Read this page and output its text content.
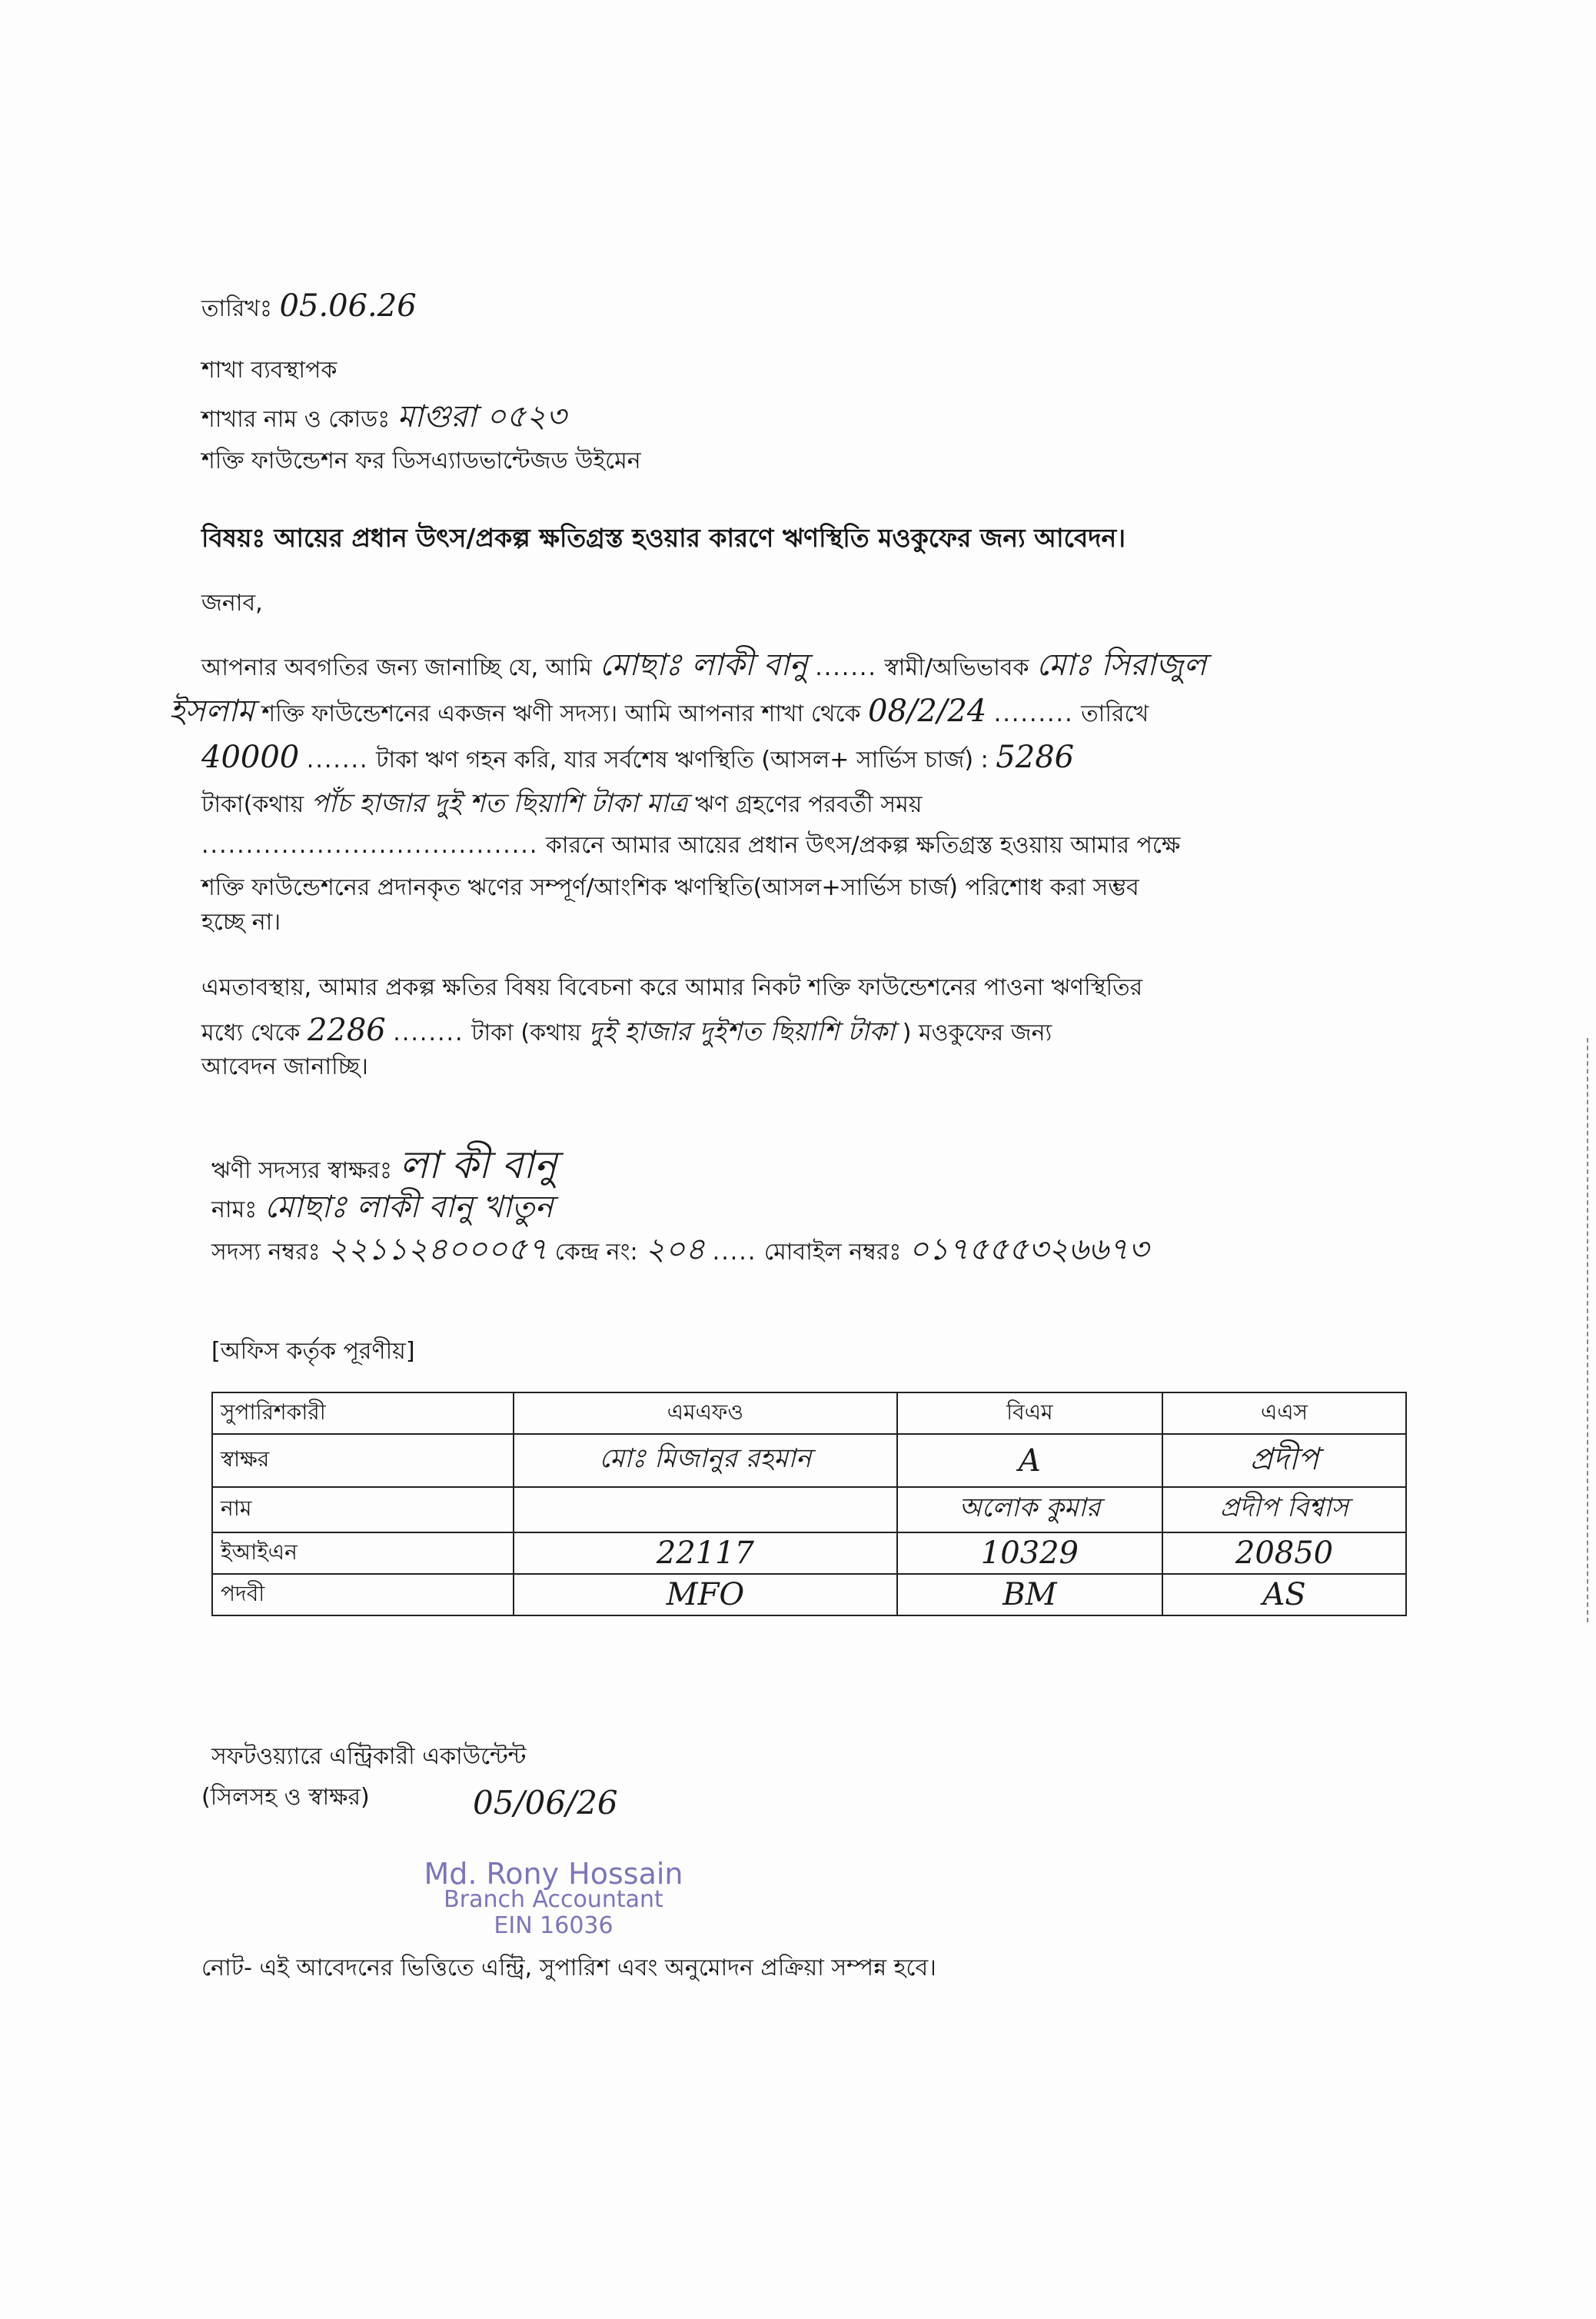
তারিখঃ 05.06.26
শাখা ব্যবস্থাপক
শাখার নাম ও কোডঃ মাগুরা ০৫২৩
শক্তি ফাউন্ডেশন ফর ডিসএ্যাডভান্টেজড উইমেন
বিষয়ঃ আয়ের প্রধান উৎস/প্রকল্প ক্ষতিগ্রস্ত হওয়ার কারণে ঋণস্থিতি মওকুফের জন্য আবেদন।
জনাব,
আপনার অবগতির জন্য জানাচ্ছি যে, আমি মোছাঃ লাকী বানু ....... স্বামী/অভিভাবক মোঃ সিরাজুল
ইসলাম শক্তি ফাউন্ডেশনের একজন ঋণী সদস্য। আমি আপনার শাখা থেকে 08/2/24 ......... তারিখে
40000 ....... টাকা ঋণ গহন করি, যার সর্বশেষ ঋণস্থিতি (আসল+ সার্ভিস চার্জ) : 5286
টাকা(কথায় পাঁচ হাজার দুই শত ছিয়াশি টাকা মাত্র ঋণ গ্রহণের পরবর্তী সময়
...................................... কারনে আমার আয়ের প্রধান উৎস/প্রকল্প ক্ষতিগ্রস্ত হওয়ায় আমার পক্ষে
শক্তি ফাউন্ডেশনের প্রদানকৃত ঋণের সম্পূর্ণ/আংশিক ঋণস্থিতি(আসল+সার্ভিস চার্জ) পরিশোধ করা সম্ভব
হচ্ছে না।
এমতাবস্থায়, আমার প্রকল্প ক্ষতির বিষয় বিবেচনা করে আমার নিকট শক্তি ফাউন্ডেশনের পাওনা ঋণস্থিতির
মধ্যে থেকে 2286 ........ টাকা (কথায় দুই হাজার দুইশত ছিয়াশি টাকা ) মওকুফের জন্য
আবেদন জানাচ্ছি।
ঋণী সদস্যর স্বাক্ষরঃ লা কী বানু
নামঃ মোছাঃ লাকী বানু খাতুন
সদস্য নম্বরঃ ২২১১২৪০০০৫৭ কেন্দ্র নং: ২০৪ ..... মোবাইল নম্বরঃ ০১৭৫৫৫৩২৬৬৭৩
[অফিস কর্তৃক পূরণীয়]
সুপারিশকারী	এমএফও	বিএম	এএস
স্বাক্ষর	মোঃ মিজানুর রহমান	A	প্রদীপ
নাম		অলোক কুমার	প্রদীপ বিশ্বাস
ইআইএন	22117	10329	20850
পদবী	MFO	BM	AS
সফটওয়্যারে এন্ট্রিকারী একাউন্টেন্ট
(সিলসহ ও স্বাক্ষর)	05/06/26
Md. Rony Hossain
Branch Accountant
EIN 16036
নোট- এই আবেদনের ভিত্তিতে এন্ট্রি, সুপারিশ এবং অনুমোদন প্রক্রিয়া সম্পন্ন হবে।
